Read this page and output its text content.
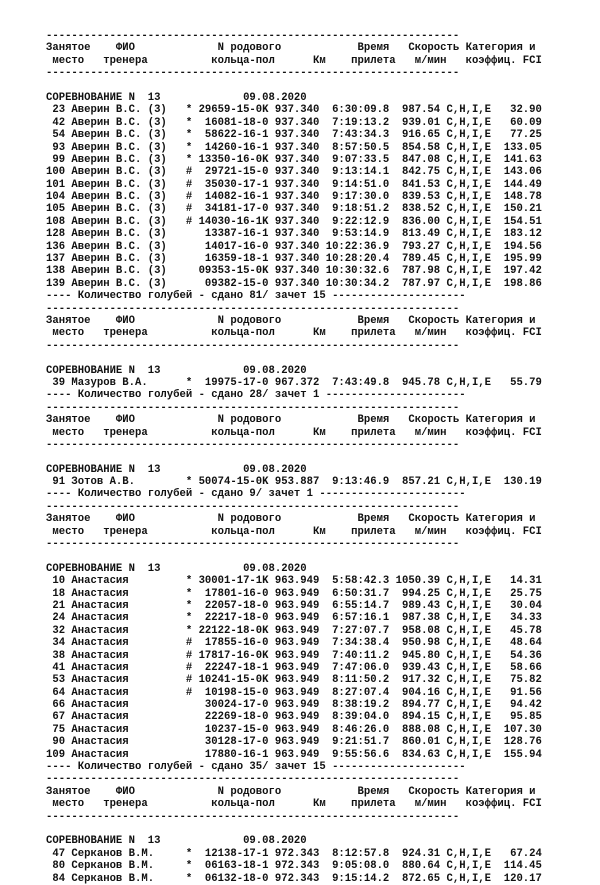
-----------------------------------------------------------------
Занятое    ФИО             N родового            Время   Скорость Категория и
место   тренера          кольца-пол      Км    прилета   м/мин   коэффиц. FCI
-----------------------------------------------------------------

СОРЕВНОВАНИЕ N  13             09.08.2020
23 Аверин В.С. (3)   * 29659-15-0K 937.340  6:30:09.8  987.54 C,H,I,E   32.90
42 Аверин В.С. (3)   *  16081-18-0 937.340  7:19:13.2  939.01 C,H,I,E   60.09
54 Аверин В.С. (3)   *  58622-16-1 937.340  7:43:34.3  916.65 C,H,I,E   77.25
93 Аверин В.С. (3)   *  14260-16-1 937.340  8:57:50.5  854.58 C,H,I,E  133.05
99 Аверин В.С. (3)   * 13350-16-0K 937.340  9:07:33.5  847.08 C,H,I,E  141.63
100 Аверин В.С. (3)   #  29721-15-0 937.340  9:13:14.1  842.75 C,H,I,E  143.06
101 Аверин В.С. (3)   #  35030-17-1 937.340  9:14:51.0  841.53 C,H,I,E  144.49
104 Аверин В.С. (3)   #  14082-16-1 937.340  9:17:30.0  839.53 C,H,I,E  148.78
105 Аверин В.С. (3)   #  34181-17-0 937.340  9:18:51.2  838.52 C,H,I,E  150.21
108 Аверин В.С. (3)   # 14030-16-1K 937.340  9:22:12.9  836.00 C,H,I,E  154.51
128 Аверин В.С. (3)      13387-16-1 937.340  9:53:14.9  813.49 C,H,I,E  183.12
136 Аверин В.С. (3)      14017-16-0 937.340 10:22:36.9  793.27 C,H,I,E  194.56
137 Аверин В.С. (3)      16359-18-1 937.340 10:28:20.4  789.45 C,H,I,E  195.99
138 Аверин В.С. (3)     09353-15-0K 937.340 10:30:32.6  787.98 C,H,I,E  197.42
139 Аверин В.С. (3)      09382-15-0 937.340 10:30:34.2  787.97 C,H,I,E  198.86
---- Количество голубей - сдано 81/ зачет 15 ---------------------
-----------------------------------------------------------------
Занятое    ФИО             N родового            Время   Скорость Категория и
место   тренера          кольца-пол      Км    прилета   м/мин   коэффиц. FCI
-----------------------------------------------------------------

СОРЕВНОВАНИЕ N  13             09.08.2020
39 Мазуров В.А.      *  19975-17-0 967.372  7:43:49.8  945.78 C,H,I,E   55.79
---- Количество голубей - сдано 28/ зачет 1 ----------------------
-----------------------------------------------------------------
Занятое    ФИО             N родового            Время   Скорость Категория и
место   тренера          кольца-пол      Км    прилета   м/мин   коэффиц. FCI
-----------------------------------------------------------------

СОРЕВНОВАНИЕ N  13             09.08.2020
91 Зотов А.В.        * 50074-15-0K 953.887  9:13:46.9  857.21 C,H,I,E  130.19
---- Количество голубей - сдано 9/ зачет 1 -----------------------
-----------------------------------------------------------------
Занятое    ФИО             N родового            Время   Скорость Категория и
место   тренера          кольца-пол      Км    прилета   м/мин   коэффиц. FCI
-----------------------------------------------------------------

СОРЕВНОВАНИЕ N  13             09.08.2020
10 Анастасия         * 30001-17-1K 963.949  5:58:42.3 1050.39 C,H,I,E   14.31
18 Анастасия         *  17801-16-0 963.949  6:50:31.7  994.25 C,H,I,E   25.75
21 Анастасия         *  22057-18-0 963.949  6:55:14.7  989.43 C,H,I,E   30.04
24 Анастасия         *  22217-18-0 963.949  6:57:16.1  987.38 C,H,I,E   34.33
32 Анастасия         * 22122-18-0K 963.949  7:27:07.7  958.08 C,H,I,E   45.78
34 Анастасия         #  17855-16-0 963.949  7:34:38.4  950.98 C,H,I,E   48.64
38 Анастасия         # 17817-16-0K 963.949  7:40:11.2  945.80 C,H,I,E   54.36
41 Анастасия         #  22247-18-1 963.949  7:47:06.0  939.43 C,H,I,E   58.66
53 Анастасия         # 10241-15-0K 963.949  8:11:50.2  917.32 C,H,I,E   75.82
64 Анастасия         #  10198-15-0 963.949  8:27:07.4  904.16 C,H,I,E   91.56
66 Анастасия            30024-17-0 963.949  8:38:19.2  894.77 C,H,I,E   94.42
67 Анастасия            22269-18-0 963.949  8:39:04.0  894.15 C,H,I,E   95.85
75 Анастасия            10237-15-0 963.949  8:46:26.0  888.08 C,H,I,E  107.30
90 Анастасия            30128-17-0 963.949  9:21:51.7  860.01 C,H,I,E  128.76
109 Анастасия            17880-16-1 963.949  9:55:56.6  834.63 C,H,I,E  155.94
---- Количество голубей - сдано 35/ зачет 15 ---------------------
-----------------------------------------------------------------
Занятое    ФИО             N родового            Время   Скорость Категория и
место   тренера          кольца-пол      Км    прилета   м/мин   коэффиц. FCI
-----------------------------------------------------------------

СОРЕВНОВАНИЕ N  13             09.08.2020
47 Серканов В.М.     *  12138-17-1 972.343  8:12:57.8  924.31 C,H,I,E   67.24
80 Серканов В.М.     *  06163-18-1 972.343  9:05:08.0  880.64 C,H,I,E  114.45
84 Серканов В.М.     *  06132-18-0 972.343  9:15:14.2  872.65 C,H,I,E  120.17
